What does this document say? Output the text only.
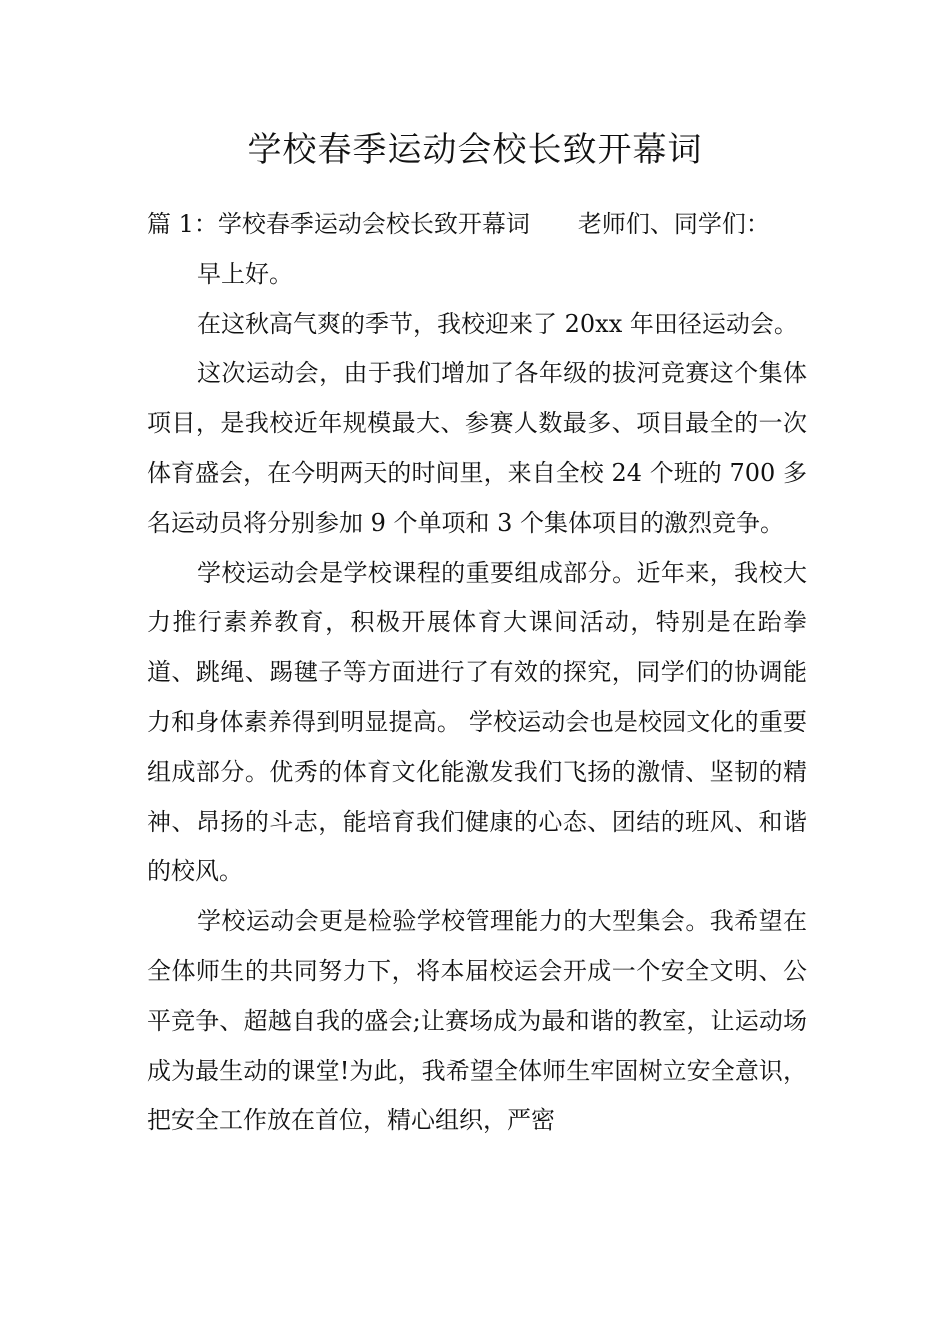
学校春季运动会校长致开幕词

篇 1：学校春季运动会校长致开幕词 老师们、同学们：

早上好。

在这秋高气爽的季节，我校迎来了 20xx 年田径运动会。

这次运动会，由于我们增加了各年级的拔河竞赛这个集体项目，是我校近年规模最大、参赛人数最多、项目最全的一次体育盛会，在今明两天的时间里，来自全校 24 个班的 700 多名运动员将分别参加 9 个单项和 3 个集体项目的激烈竞争。

学校运动会是学校课程的重要组成部分。近年来，我校大力推行素养教育，积极开展体育大课间活动，特别是在跆拳道、跳绳、踢毽子等方面进行了有效的探究，同学们的协调能力和身体素养得到明显提高。 学校运动会也是校园文化的重要组成部分。优秀的体育文化能激发我们飞扬的激情、坚韧的精神、昂扬的斗志，能培育我们健康的心态、团结的班风、和谐的校风。

学校运动会更是检验学校管理能力的大型集会。我希望在全体师生的共同努力下，将本届校运会开成一个安全文明、公平竞争、超越自我的盛会;让赛场成为最和谐的教室，让运动场成为最生动的课堂!为此，我希望全体师生牢固树立安全意识，把安全工作放在首位，精心组织，严密
